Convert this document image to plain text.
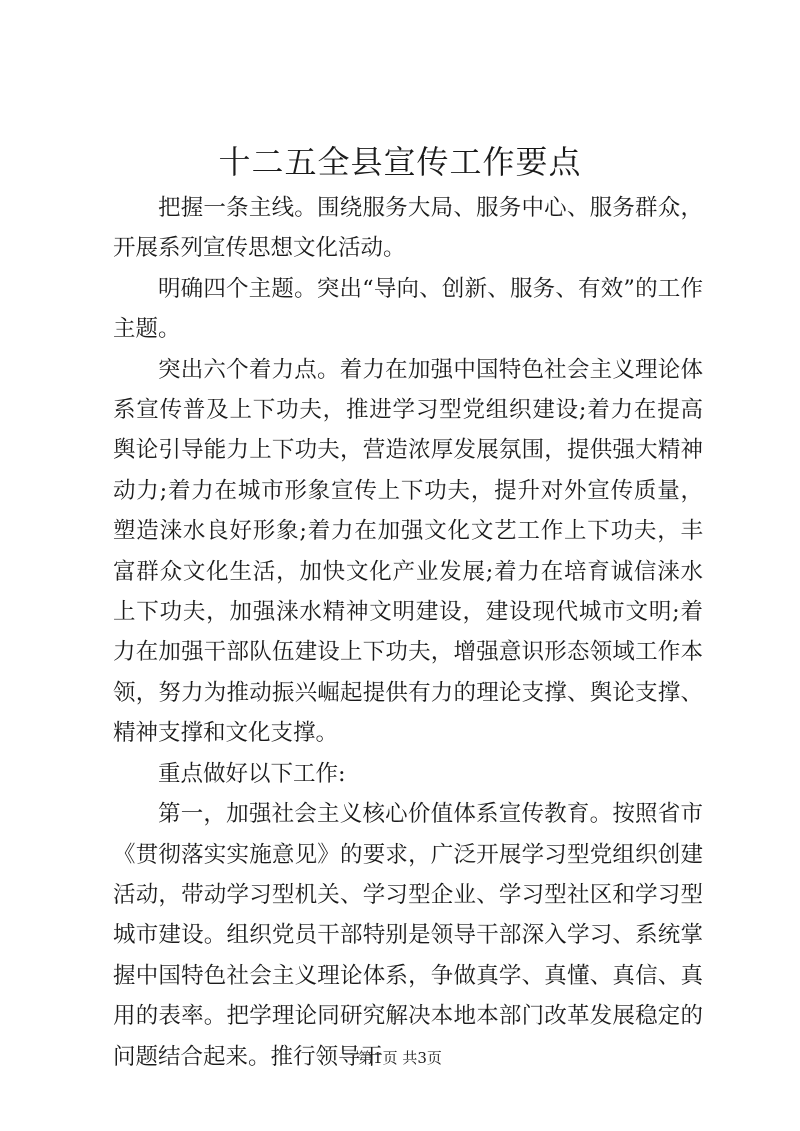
十二五全县宣传工作要点

把握一条主线。围绕服务大局、服务中心、服务群众，开展系列宣传思想文化活动。

明确四个主题。突出“导向、创新、服务、有效”的工作主题。

突出六个着力点。着力在加强中国特色社会主义理论体系宣传普及上下功夫，推进学习型党组织建设;着力在提高舆论引导能力上下功夫，营造浓厚发展氛围，提供强大精神动力;着力在城市形象宣传上下功夫，提升对外宣传质量，塑造涞水良好形象;着力在加强文化文艺工作上下功夫，丰富群众文化生活，加快文化产业发展;着力在培育诚信涞水上下功夫，加强涞水精神文明建设，建设现代城市文明;着力在加强干部队伍建设上下功夫，增强意识形态领域工作本领，努力为推动振兴崛起提供有力的理论支撑、舆论支撑、精神支撑和文化支撑。

重点做好以下工作:

第一，加强社会主义核心价值体系宣传教育。按照省市《贯彻落实实施意见》的要求，广泛开展学习型党组织创建活动，带动学习型机关、学习型企业、学习型社区和学习型城市建设。组织党员干部特别是领导干部深入学习、系统掌握中国特色社会主义理论体系，争做真学、真懂、真信、真用的表率。把学理论同研究解决本地本部门改革发展稳定的问题结合起来。推行领导干

第1页 共3页
